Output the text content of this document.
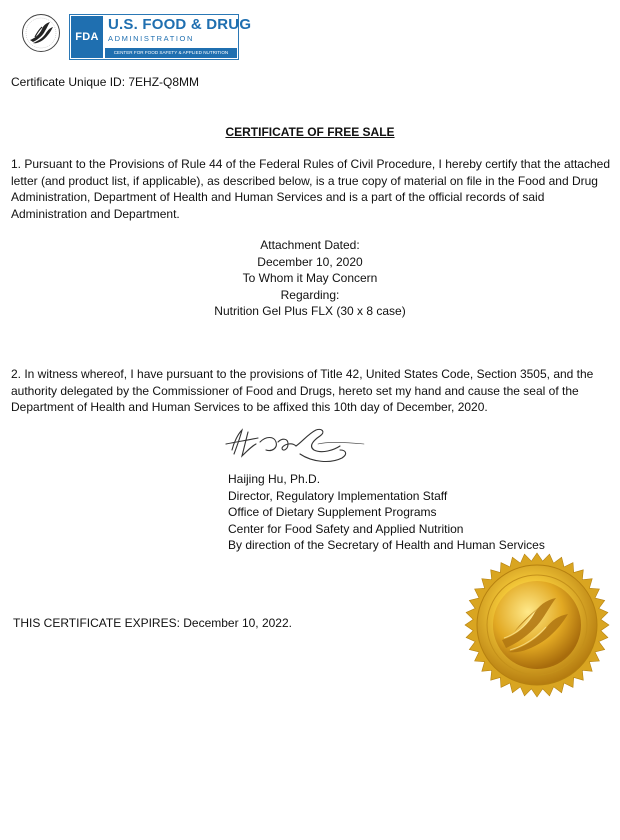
FDA
U.S. FOOD & DRUG
ADMINISTRATION
CENTER FOR FOOD SAFETY & APPLIED NUTRITION
Certificate Unique ID: 7EHZ-Q8MM
CERTIFICATE OF FREE SALE
1. Pursuant to the Provisions of Rule 44 of the Federal Rules of Civil Procedure, I hereby certify that the attached letter (and product list, if applicable), as described below, is a true copy of material on file in the Food and Drug Administration, Department of Health and Human Services and is a part of the official records of said Administration and Department.
Attachment Dated:
December 10, 2020
To Whom it May Concern
Regarding:
Nutrition Gel Plus FLX (30 x 8 case)
2. In witness whereof, I have pursuant to the provisions of Title 42, United States Code, Section 3505, and the authority delegated by the Commissioner of Food and Drugs, hereto set my hand and cause the seal of the Department of Health and Human Services to be affixed this 10th day of December, 2020.
Haijing Hu, Ph.D.
Director, Regulatory Implementation Staff
Office of Dietary Supplement Programs
Center for Food Safety and Applied Nutrition
By direction of the Secretary of Health and Human Services
THIS CERTIFICATE EXPIRES: December 10, 2022.
